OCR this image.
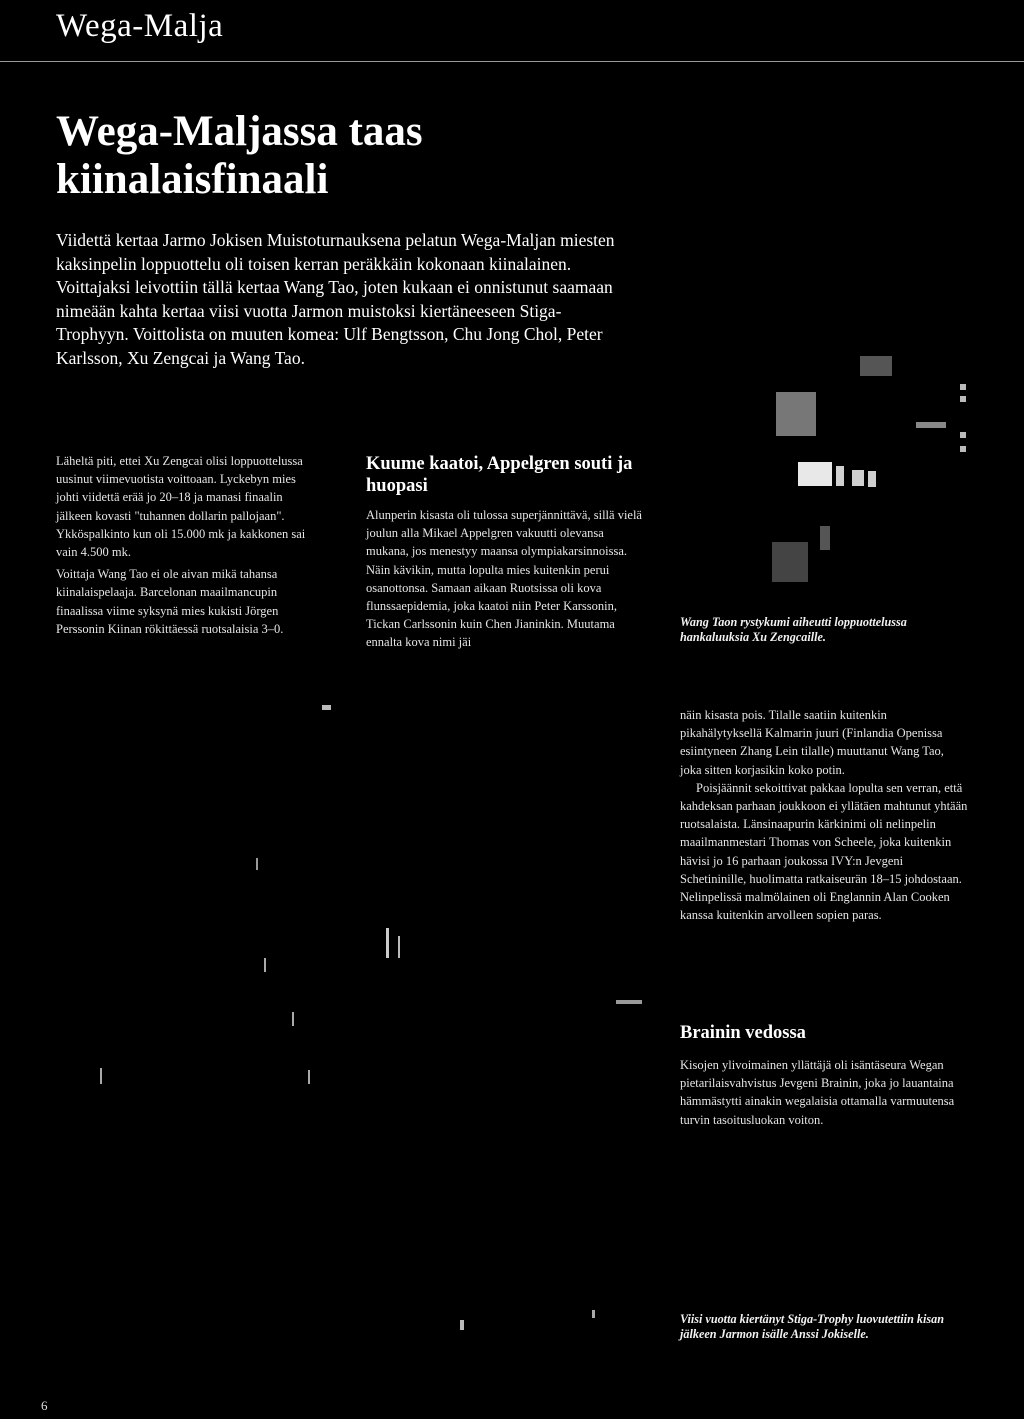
Wega-Malja
Wega-Maljassa taas kiinalaisfinaali
Viidettä kertaa Jarmo Jokisen Muistoturnauksena pelatun Wega-Maljan miesten kaksinpelin loppuottelu oli toisen kerran peräkkäin kokonaan kiinalainen. Voittajaksi leivottiin tällä kertaa Wang Tao, joten kukaan ei onnistunut saamaan nimeään kahta kertaa viisi vuotta Jarmon muistoksi kiertäneeseen Stiga-Trophyyn. Voittolista on muuten komea: Ulf Bengtsson, Chu Jong Chol, Peter Karlsson, Xu Zengcai ja Wang Tao.

Läheltä piti, ettei Xu Zengcai olisi loppuottelussa uusinut viimevuotista voittoaan. Lyckebyn mies johti viidettä erää jo 20–18 ja manasi finaalin jälkeen kovasti "tuhannen dollarin pallojaan". Ykköspalkinto kun oli 15.000 mk ja kakkonen sai vain 4.500 mk.

Voittaja Wang Tao ei ole aivan mikä tahansa kiinalaispelaaja. Barcelonan maailmancupin finaalissa viime syksynä mies kukisti Jörgen Perssonin Kiinan rökittäessä ruotsalaisia 3–0.

Kuume kaatoi, Appelgren souti ja huopasi

Alunperin kisasta oli tulossa superjännittävä, sillä vielä joulun alla Mikael Appelgren vakuutti olevansa mukana, jos menestyy maansa olympiakarsinnoissa. Näin kävikin, mutta lopulta mies kuitenkin perui osanottonsa. Samaan aikaan Ruotsissa oli kova flunssaepidemia, joka kaatoi niin Peter Karssonin, Tickan Carlssonin kuin Chen Jianinkin. Muutama ennalta kova nimi jäi

Wang Taon rystykumi aiheutti loppuottelussa hankaluuksia Xu Zengcaille.

näin kisasta pois. Tilalle saatiin kuitenkin pikahälytyksellä Kalmarin juuri (Finlandia Openissa esiintyneen Zhang Lein tilalle) muuttanut Wang Tao, joka sitten korjasikin koko potin.

Poisjäännit sekoittivat pakkaa lopulta sen verran, että kahdeksan parhaan joukkoon ei yllätäen mahtunut yhtään ruotsalaista. Länsinaapurin kärkinimi oli nelinpelin maailmanmestari Thomas von Scheele, joka kuitenkin hävisi jo 16 parhaan joukossa IVY:n Jevgeni Schetininille, huolimatta ratkaiseurän 18–15 johdostaan. Nelinpelissä malmölainen oli Englannin Alan Cooken kanssa kuitenkin arvolleen sopien paras.

Brainin vedossa

Kisojen ylivoimainen yllättäjä oli isäntäseura Wegan pietarilaisvahvistus Jevgeni Brainin, joka jo lauantaina hämmästytti ainakin wegalaisia ottamalla varmuutensa turvin tasoitusluokan voiton.

Viisi vuotta kiertänyt Stiga-Trophy luovutettiin kisan jälkeen Jarmon isälle Anssi Jokiselle.
6
